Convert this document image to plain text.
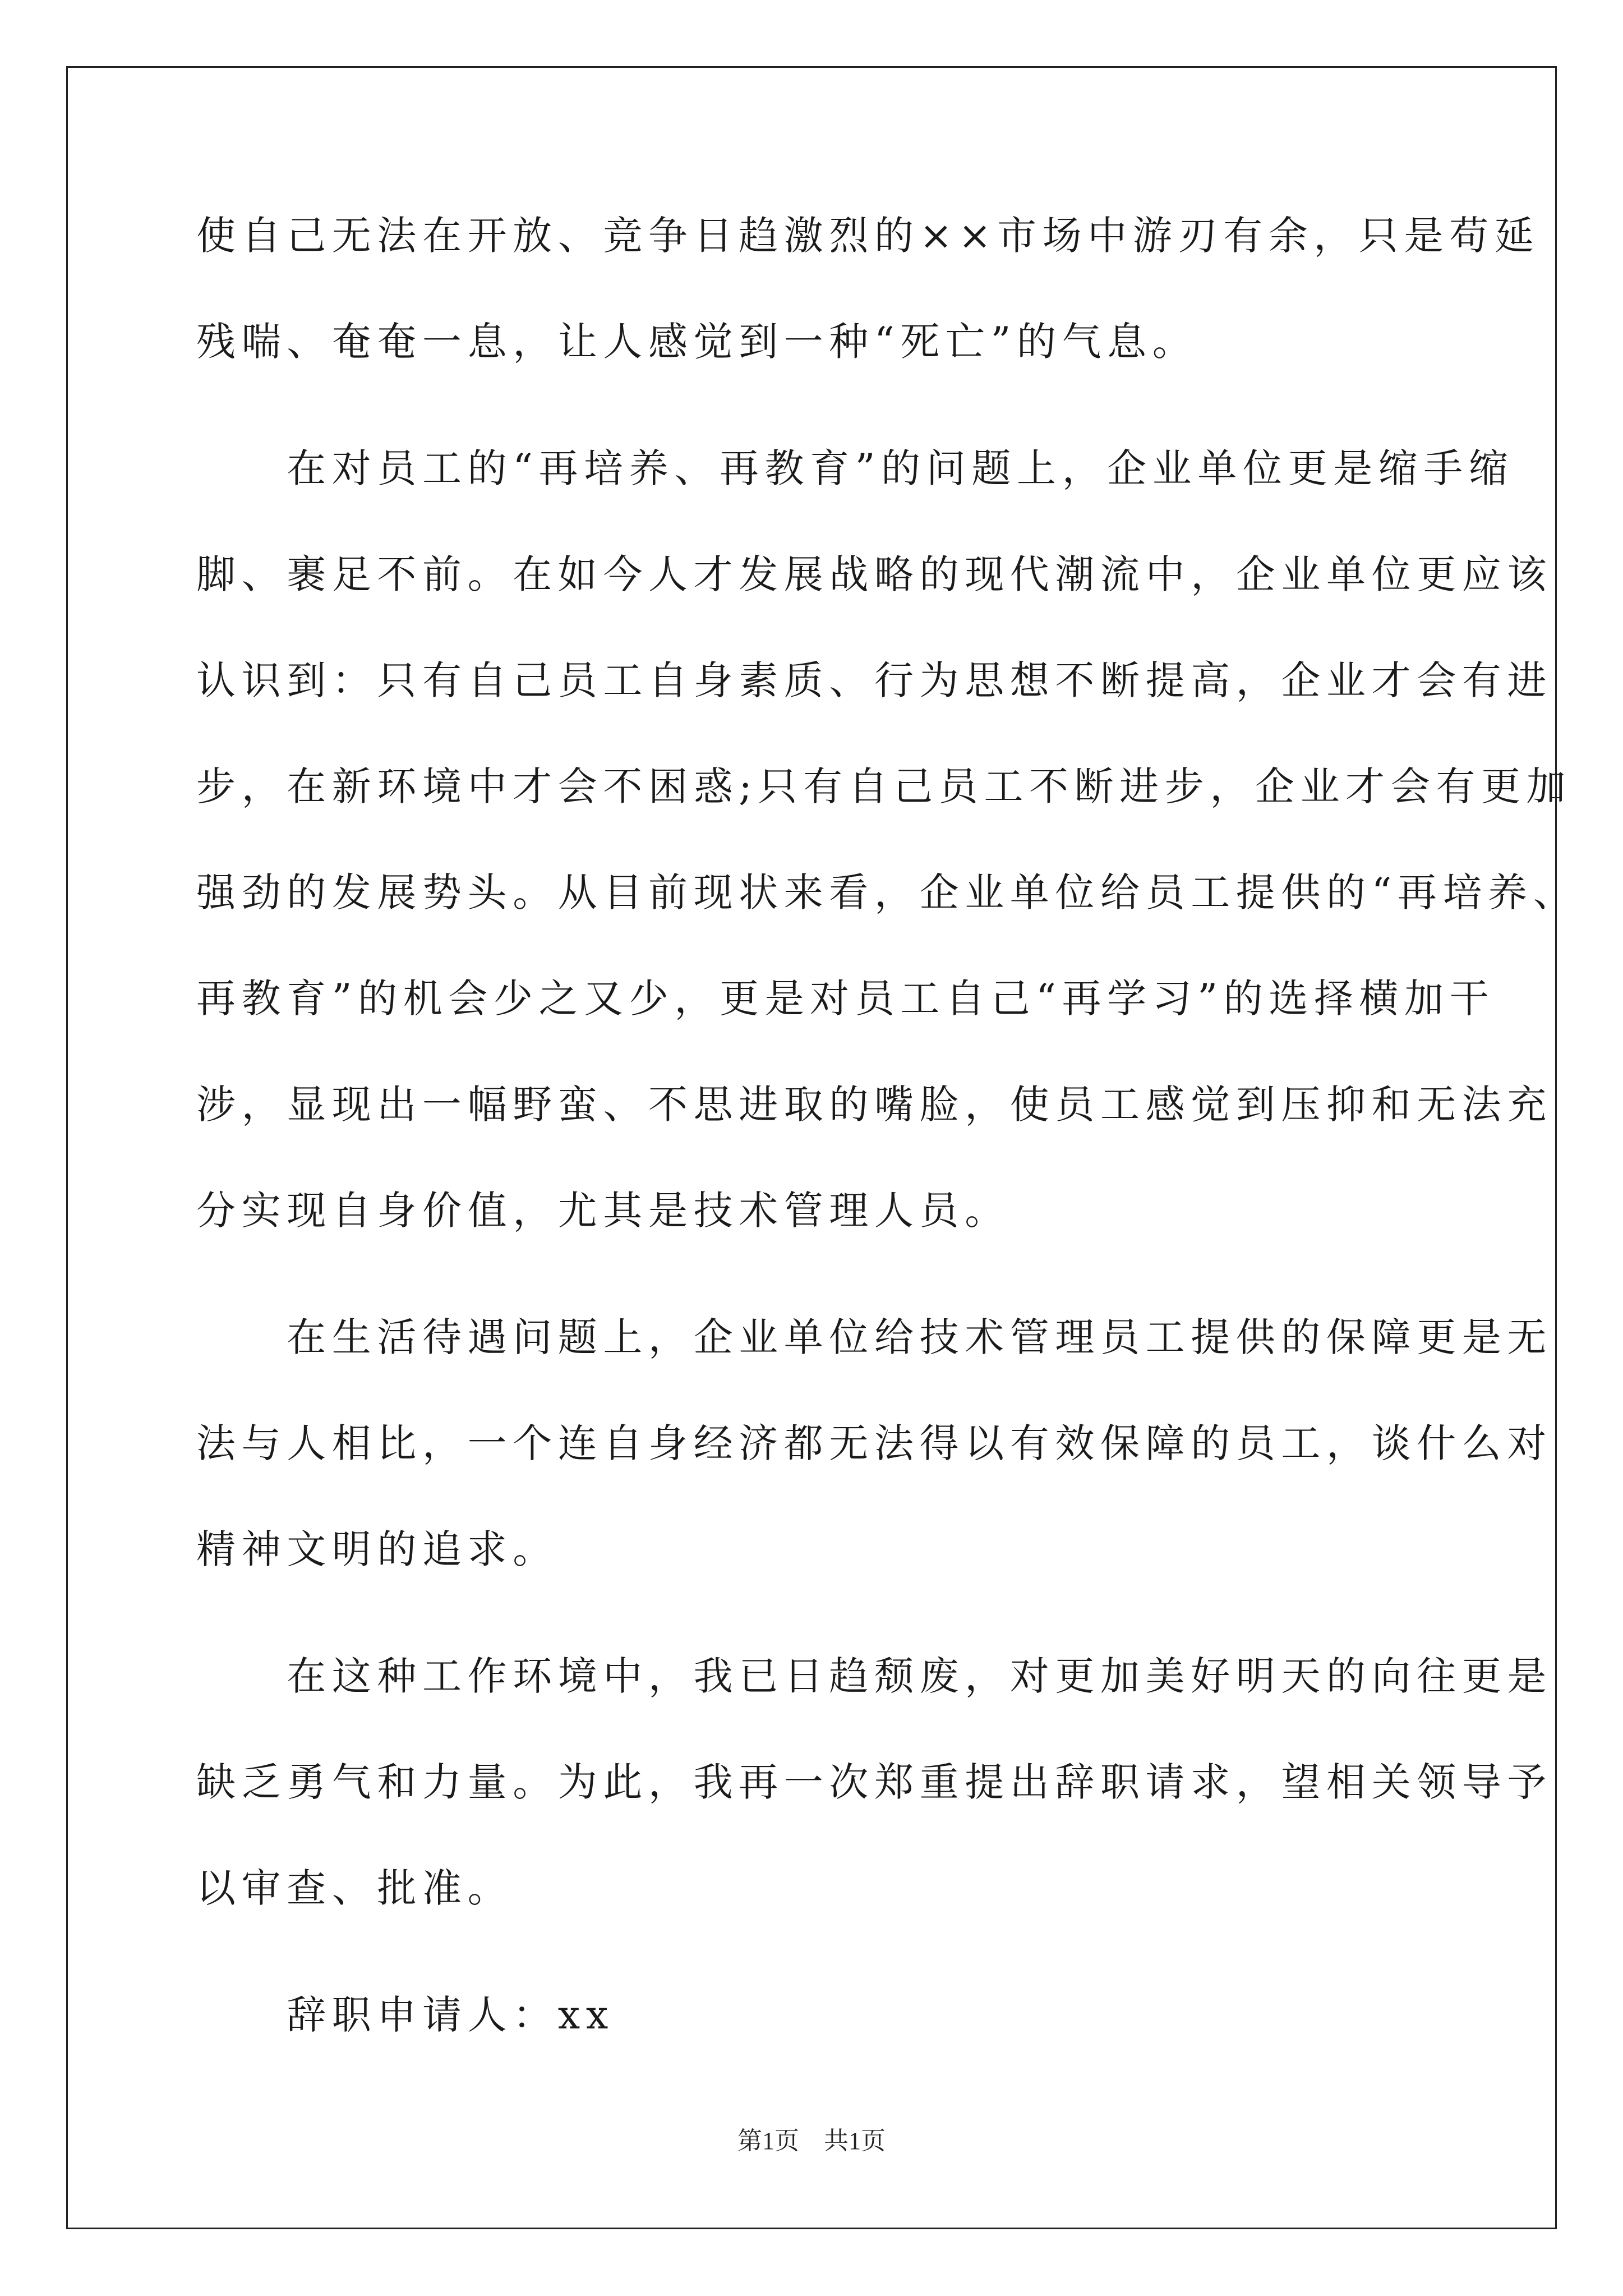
使自己无法在开放、竞争日趋激烈的××市场中游刃有余，只是苟延
残喘、奄奄一息，让人感觉到一种“死亡”的气息。
　　在对员工的“再培养、再教育”的问题上，企业单位更是缩手缩
脚、裹足不前。在如今人才发展战略的现代潮流中，企业单位更应该
认识到：只有自己员工自身素质、行为思想不断提高，企业才会有进
步，在新环境中才会不困惑;只有自己员工不断进步，企业才会有更加
强劲的发展势头。从目前现状来看，企业单位给员工提供的“再培养、
再教育”的机会少之又少，更是对员工自己“再学习”的选择横加干
涉，显现出一幅野蛮、不思进取的嘴脸，使员工感觉到压抑和无法充
分实现自身价值，尤其是技术管理人员。
　　在生活待遇问题上，企业单位给技术管理员工提供的保障更是无
法与人相比，一个连自身经济都无法得以有效保障的员工，谈什么对
精神文明的追求。
　　在这种工作环境中，我已日趋颓废，对更加美好明天的向往更是
缺乏勇气和力量。为此，我再一次郑重提出辞职请求，望相关领导予
以审查、批准。
　　辞职申请人：xx
第1页　共1页
